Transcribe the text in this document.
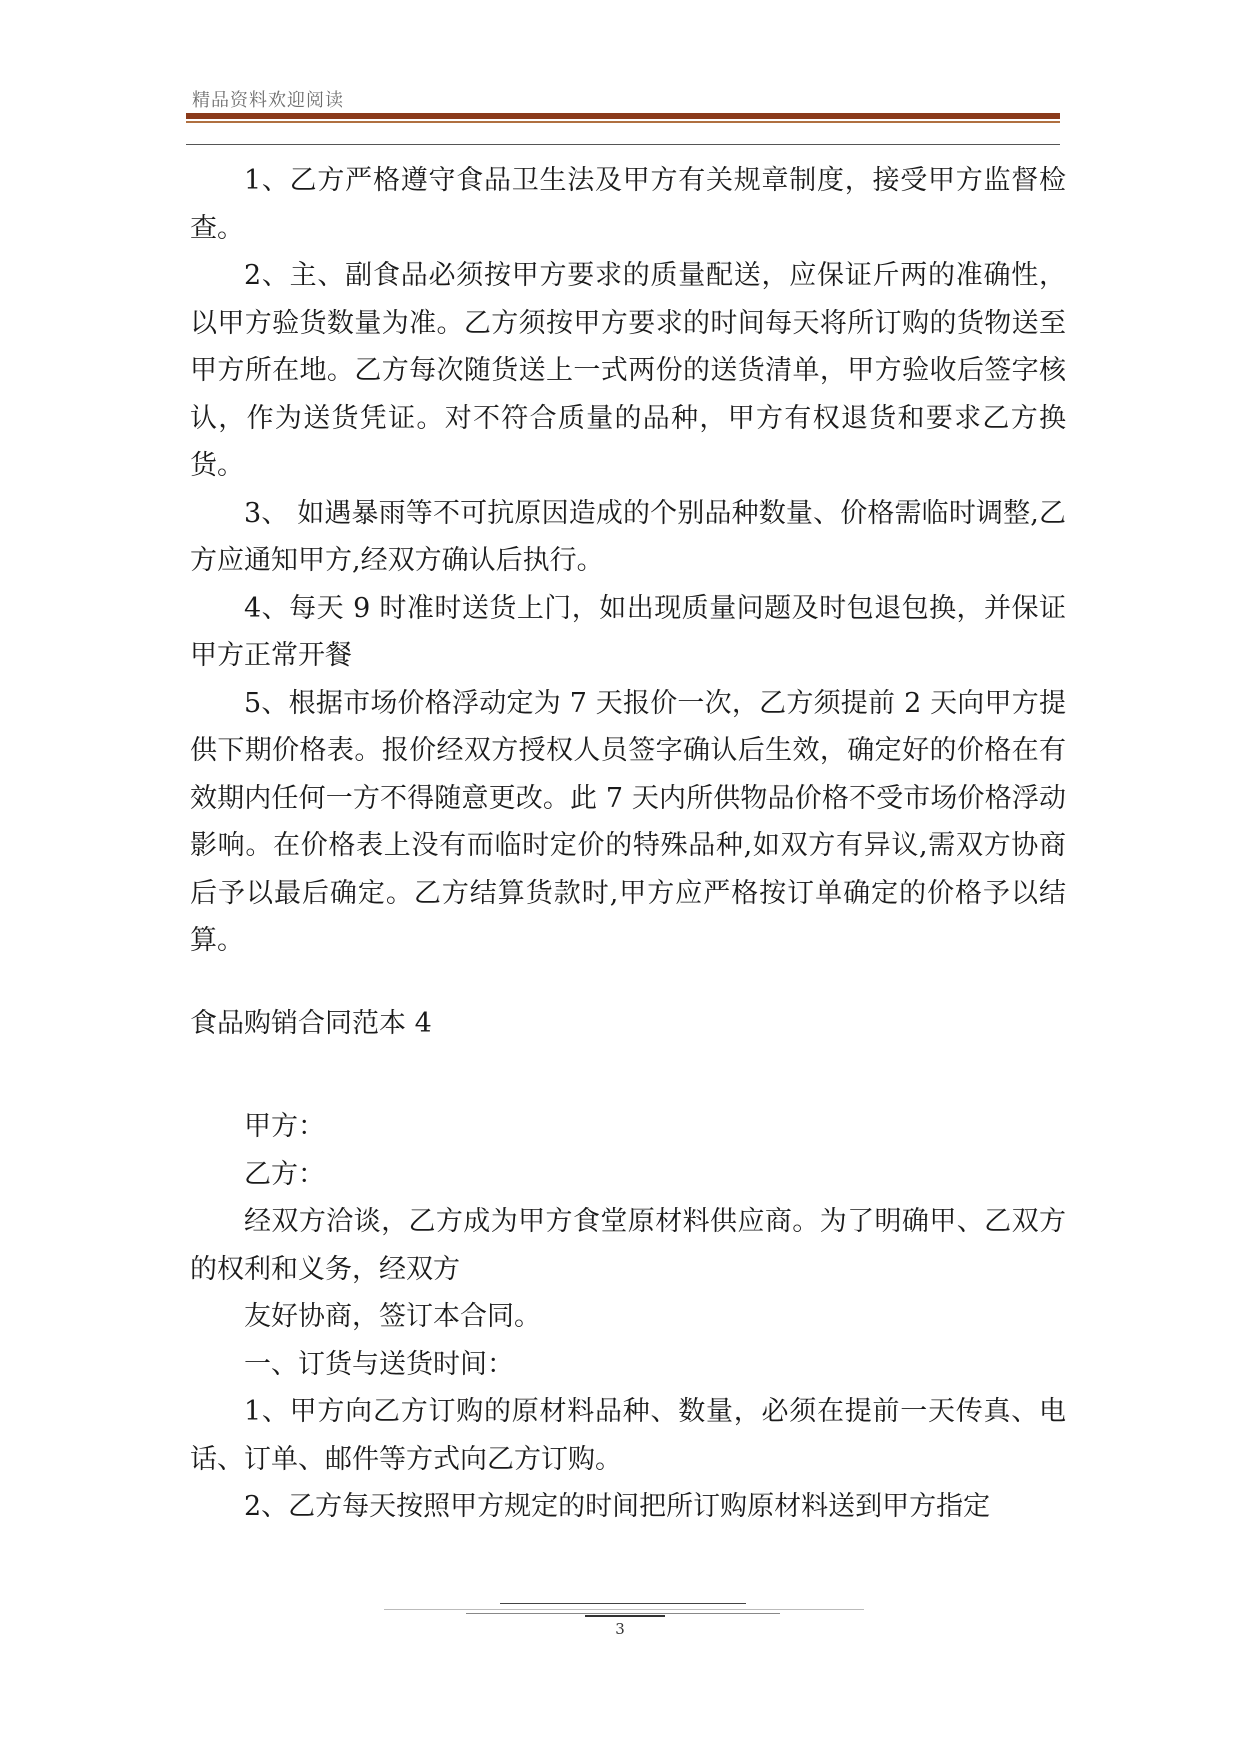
精品资料欢迎阅读

1、乙方严格遵守食品卫生法及甲方有关规章制度，接受甲方监督检查。

2、主、副食品必须按甲方要求的质量配送，应保证斤两的准确性，以甲方验货数量为准。乙方须按甲方要求的时间每天将所订购的货物送至甲方所在地。乙方每次随货送上一式两份的送货清单，甲方验收后签字核认，作为送货凭证。对不符合质量的品种，甲方有权退货和要求乙方换货。

3、 如遇暴雨等不可抗原因造成的个别品种数量、价格需临时调整,乙方应通知甲方,经双方确认后执行。

4、每天 9 时准时送货上门，如出现质量问题及时包退包换，并保证甲方正常开餐

5、根据市场价格浮动定为 7 天报价一次，乙方须提前 2 天向甲方提供下期价格表。报价经双方授权人员签字确认后生效，确定好的价格在有效期内任何一方不得随意更改。此 7 天内所供物品价格不受市场价格浮动影响。在价格表上没有而临时定价的特殊品种,如双方有异议,需双方协商后予以最后确定。乙方结算货款时,甲方应严格按订单确定的价格予以结算。

食品购销合同范本 4

甲方：

乙方：

经双方洽谈，乙方成为甲方食堂原材料供应商。为了明确甲、乙双方的权利和义务，经双方

友好协商，签订本合同。

一、订货与送货时间：

1、甲方向乙方订购的原材料品种、数量，必须在提前一天传真、电话、订单、邮件等方式向乙方订购。

2、乙方每天按照甲方规定的时间把所订购原材料送到甲方指定

3
